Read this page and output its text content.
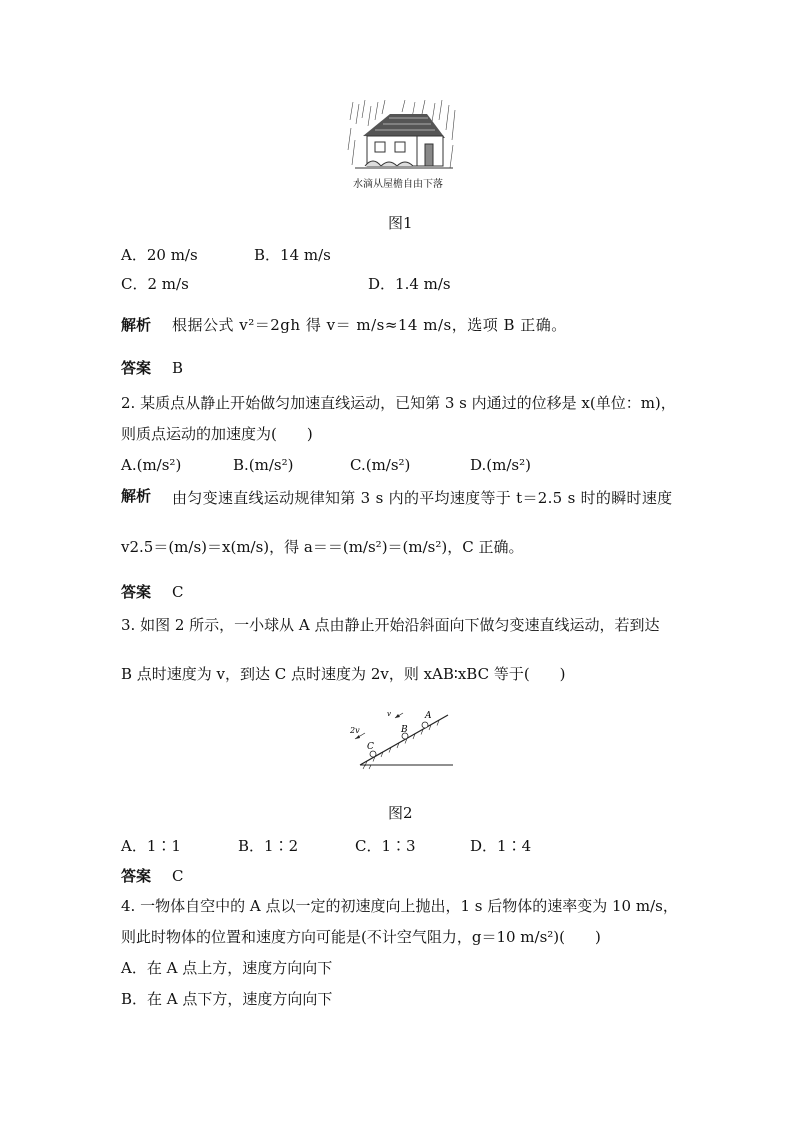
水滴从屋檐自由下落
图1
A．20 m/s	B．14 m/s
C．2 m/s	D．1.4 m/s
解析 根据公式 v²＝2gh 得 v＝ m/s≈14 m/s，选项 B 正确。
答案 B
2. 某质点从静止开始做匀加速直线运动，已知第 3 s 内通过的位移是 x(单位：m)，
则质点运动的加速度为(　　)
A.(m/s²)	B.(m/s²)	C.(m/s²)	D.(m/s²)
解析 由匀变速直线运动规律知第 3 s 内的平均速度等于 t＝2.5 s 时的瞬时速度
v2.5＝(m/s)＝x(m/s)，得 a＝＝(m/s²)＝(m/s²)，C 正确。
答案 C
3. 如图 2 所示，一小球从 A 点由静止开始沿斜面向下做匀变速直线运动，若到达
B 点时速度为 v，到达 C 点时速度为 2v，则 xAB∶xBC 等于(　　)
2v
v	A
B
C
图2
A．1∶1	B．1∶2	C．1∶3	D．1∶4
答案 C
4. 一物体自空中的 A 点以一定的初速度向上抛出，1 s 后物体的速率变为 10 m/s，
则此时物体的位置和速度方向可能是(不计空气阻力，g＝10 m/s²)(　　)
A．在 A 点上方，速度方向向下
B．在 A 点下方，速度方向向下
